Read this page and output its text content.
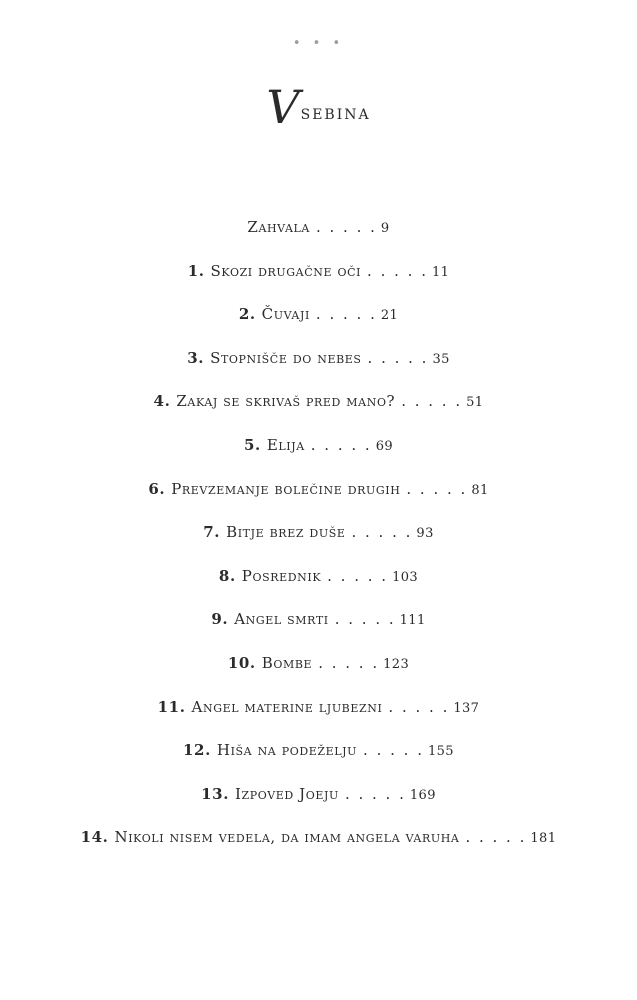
• • •
Vsebina
Zahvala . . . . . 9
1. Skozi drugačne oči . . . . . 11
2. Čuvaji . . . . . 21
3. Stopnišče do nebes . . . . . 35
4. Zakaj se skrivaš pred mano? . . . . . 51
5. Elija . . . . . 69
6. Prevzemanje bolečine drugih . . . . . 81
7. Bitje brez duše . . . . . 93
8. Posrednik . . . . . 103
9. Angel smrti . . . . . 111
10. Bombe . . . . . 123
11. Angel materine ljubezni . . . . . 137
12. Hiša na podeželju . . . . . 155
13. Izpoved Joeju . . . . . 169
14. Nikoli nisem vedela, da imam angela varuha . . . . . 181
